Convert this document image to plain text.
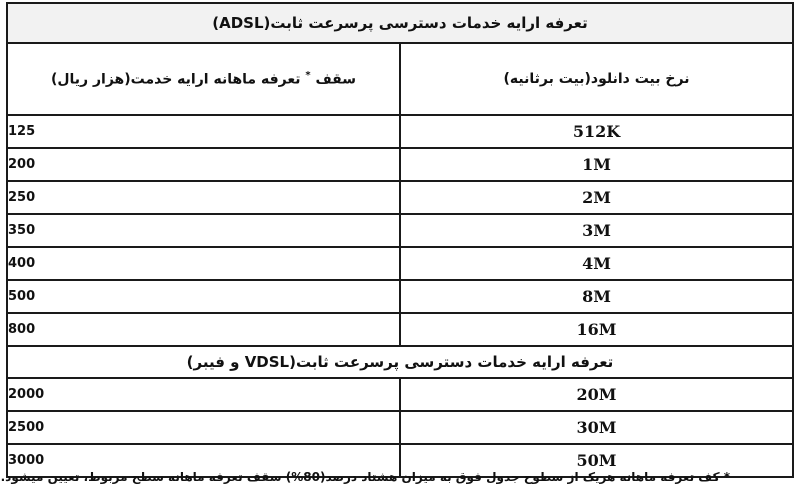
تعرفه ارایه خدمات دسترسی پرسرعت ثابت(ADSL)	
نرخ بیت دانلود(بیت برثانیه)	سقف * تعرفه ماهانه ارایه خدمت(هزار ریال)
512K	125
1M	200
2M	250
3M	350
4M	400
8M	500
16M	800
تعرفه ارایه خدمات دسترسی پرسرعت ثابت(VDSL و فیبر)	
20M	2000
30M	2500
50M	3000
* کف تعرفه ماهانه هریک از سطوح جدول فوق به میزان هشتاد درصد(80%) سقف تعرفه ماهانه سطح مربوط، تعیین میشود.
